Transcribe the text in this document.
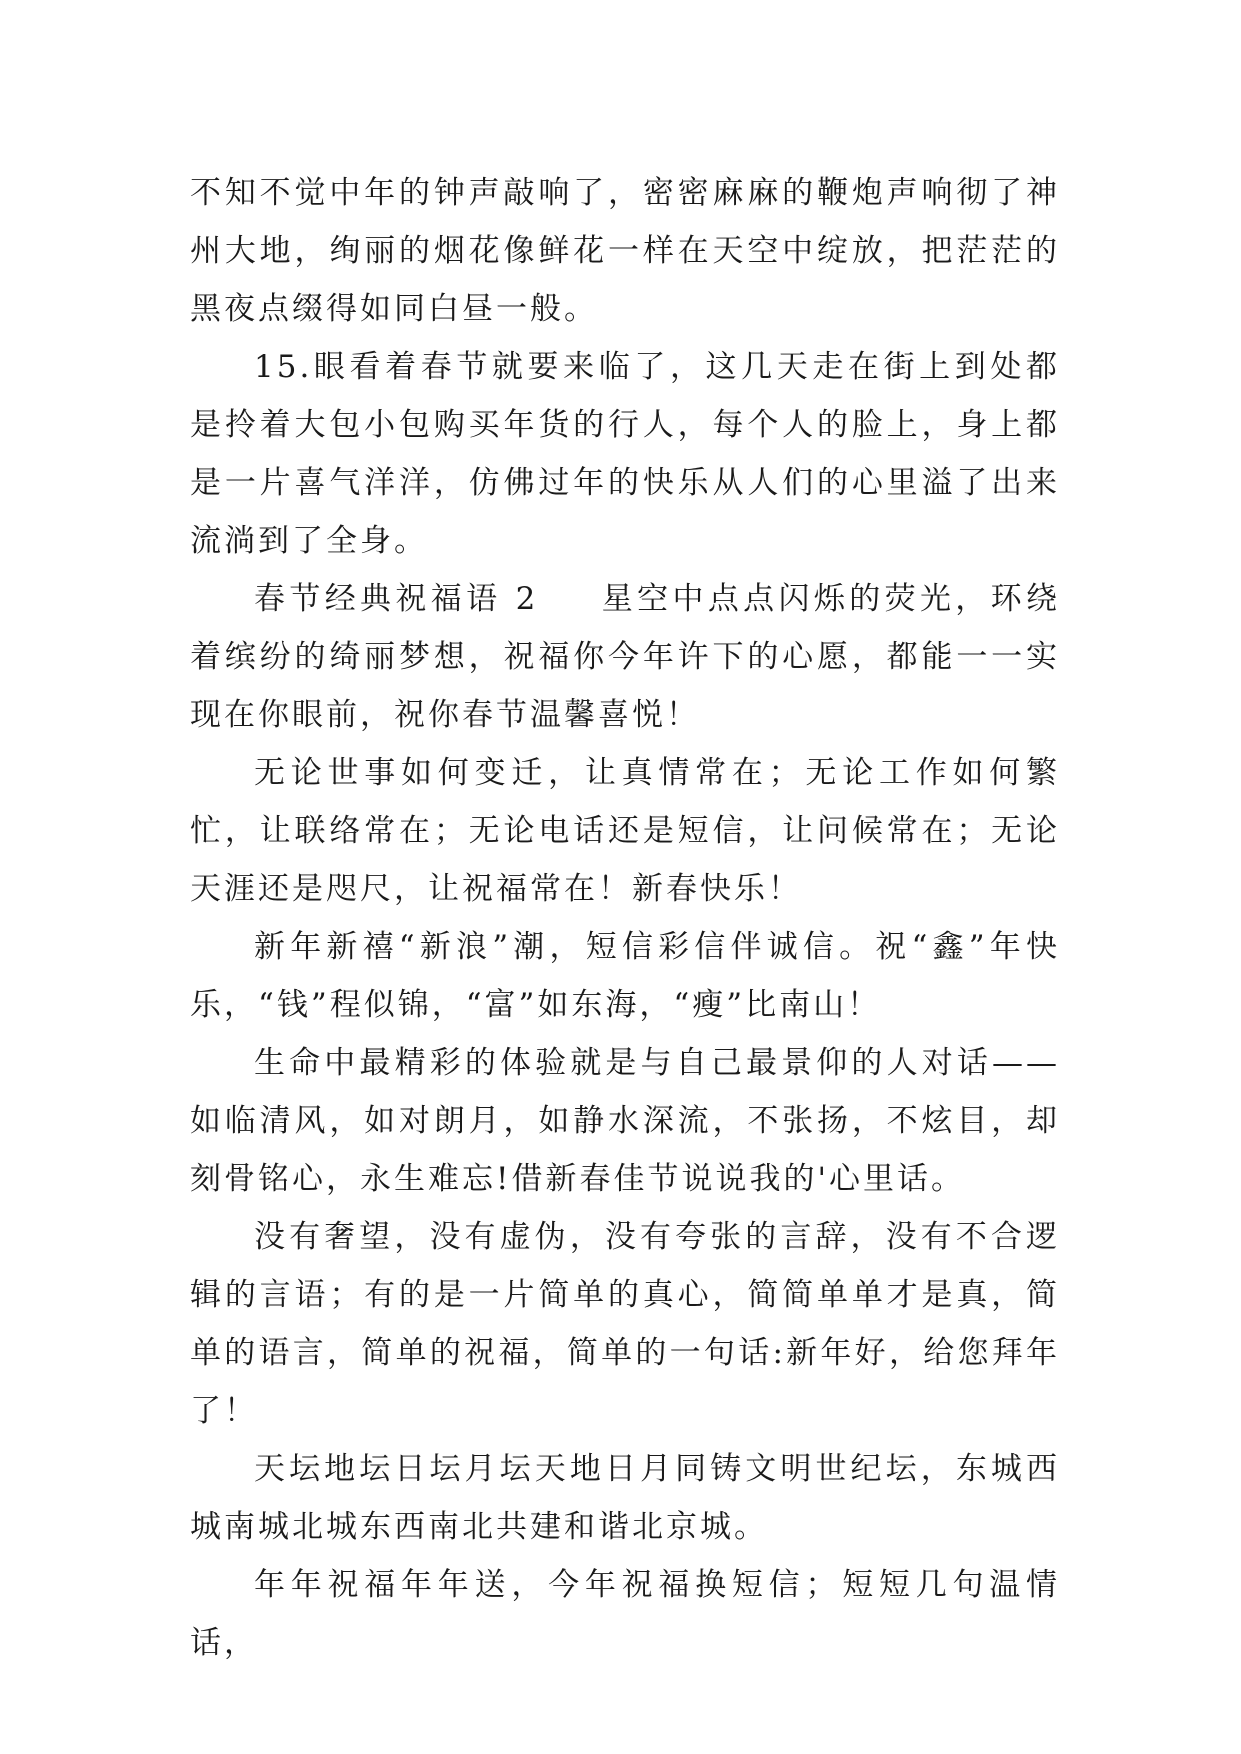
不知不觉中年的钟声敲响了，密密麻麻的鞭炮声响彻了神州大地，绚丽的烟花像鲜花一样在天空中绽放，把茫茫的黑夜点缀得如同白昼一般。

15.眼看着春节就要来临了，这几天走在街上到处都是拎着大包小包购买年货的行人，每个人的脸上，身上都是一片喜气洋洋，仿佛过年的快乐从人们的心里溢了出来流淌到了全身。

春节经典祝福语 2 星空中点点闪烁的荧光，环绕着缤纷的绮丽梦想，祝福你今年许下的心愿，都能一一实现在你眼前，祝你春节温馨喜悦！

无论世事如何变迁，让真情常在；无论工作如何繁忙，让联络常在；无论电话还是短信，让问候常在；无论天涯还是咫尺，让祝福常在！新春快乐！

新年新禧“新浪”潮，短信彩信伴诚信。祝“鑫”年快乐，“钱”程似锦，“富”如东海，“瘦”比南山！

生命中最精彩的体验就是与自己最景仰的人对话——如临清风，如对朗月，如静水深流，不张扬，不炫目，却刻骨铭心，永生难忘!借新春佳节说说我的'心里话。

没有奢望，没有虚伪，没有夸张的言辞，没有不合逻辑的言语；有的是一片简单的真心，简简单单才是真，简单的语言，简单的祝福，简单的一句话:新年好，给您拜年了！

天坛地坛日坛月坛天地日月同铸文明世纪坛，东城西城南城北城东西南北共建和谐北京城。

年年祝福年年送，今年祝福换短信；短短几句温情话，
